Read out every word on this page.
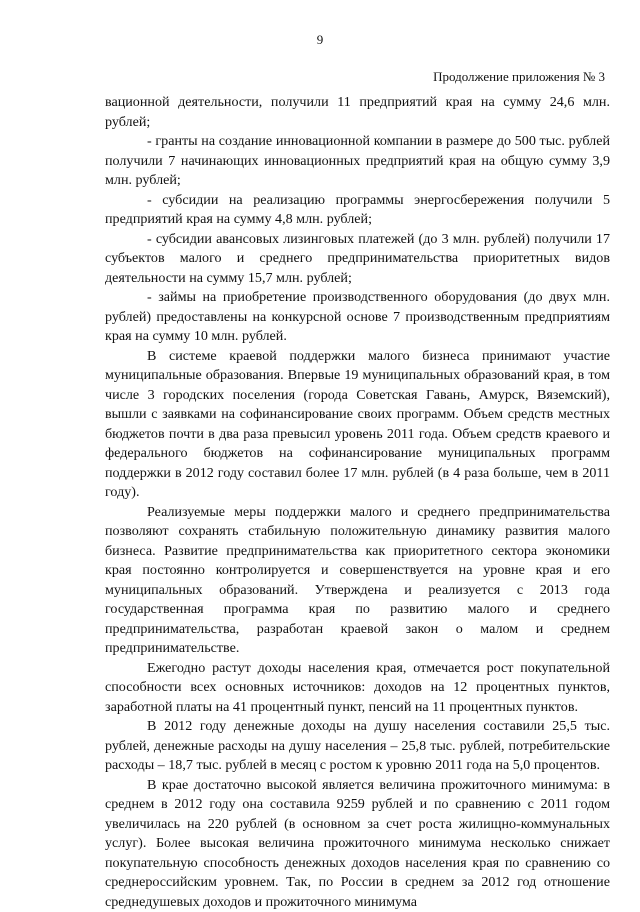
9
Продолжение приложения № 3

вационной деятельности, получили 11 предприятий края на сумму 24,6 млн. рублей;

- гранты на создание инновационной компании в размере до 500 тыс. рублей получили 7 начинающих инновационных предприятий края на общую сумму 3,9 млн. рублей;

- субсидии на реализацию программы энергосбережения получили 5 предприятий края на сумму 4,8 млн. рублей;

- субсидии авансовых лизинговых платежей (до 3 млн. рублей) получили 17 субъектов малого и среднего предпринимательства приоритетных видов деятельности на сумму 15,7 млн. рублей;

- займы на приобретение производственного оборудования (до двух млн. рублей) предоставлены на конкурсной основе 7 производственным предприятиям края на сумму 10 млн. рублей.

В системе краевой поддержки малого бизнеса принимают участие муниципальные образования. Впервые 19 муниципальных образований края, в том числе 3 городских поселения (города Советская Гавань, Амурск, Вяземский), вышли с заявками на софинансирование своих программ. Объем средств местных бюджетов почти в два раза превысил уровень 2011 года. Объем средств краевого и федерального бюджетов на софинансирование муниципальных программ поддержки в 2012 году составил более 17 млн. рублей (в 4 раза больше, чем в 2011 году).

Реализуемые меры поддержки малого и среднего предпринимательства позволяют сохранять стабильную положительную динамику развития малого бизнеса. Развитие предпринимательства как приоритетного сектора экономики края постоянно контролируется и совершенствуется на уровне края и его муниципальных образований. Утверждена и реализуется с 2013 года государственная программа края по развитию малого и среднего предпринимательства, разработан краевой закон о малом и среднем предпринимательстве.

Ежегодно растут доходы населения края, отмечается рост покупательной способности всех основных источников: доходов на 12 процентных пунктов, заработной платы на 41 процентный пункт, пенсий на 11 процентных пунктов.

В 2012 году денежные доходы на душу населения составили 25,5 тыс. рублей, денежные расходы на душу населения – 25,8 тыс. рублей, потребительские расходы – 18,7 тыс. рублей в месяц с ростом к уровню 2011 года на 5,0 процентов.

В крае достаточно высокой является величина прожиточного минимума: в среднем в 2012 году она составила 9259 рублей и по сравнению с 2011 годом увеличилась на 220 рублей (в основном за счет роста жилищно-коммунальных услуг). Более высокая величина прожиточного минимума несколько снижает покупательную способность денежных доходов населения края по сравнению со среднероссийским уровнем. Так, по России в среднем за 2012 год отношение среднедушевых доходов и прожиточного минимума
